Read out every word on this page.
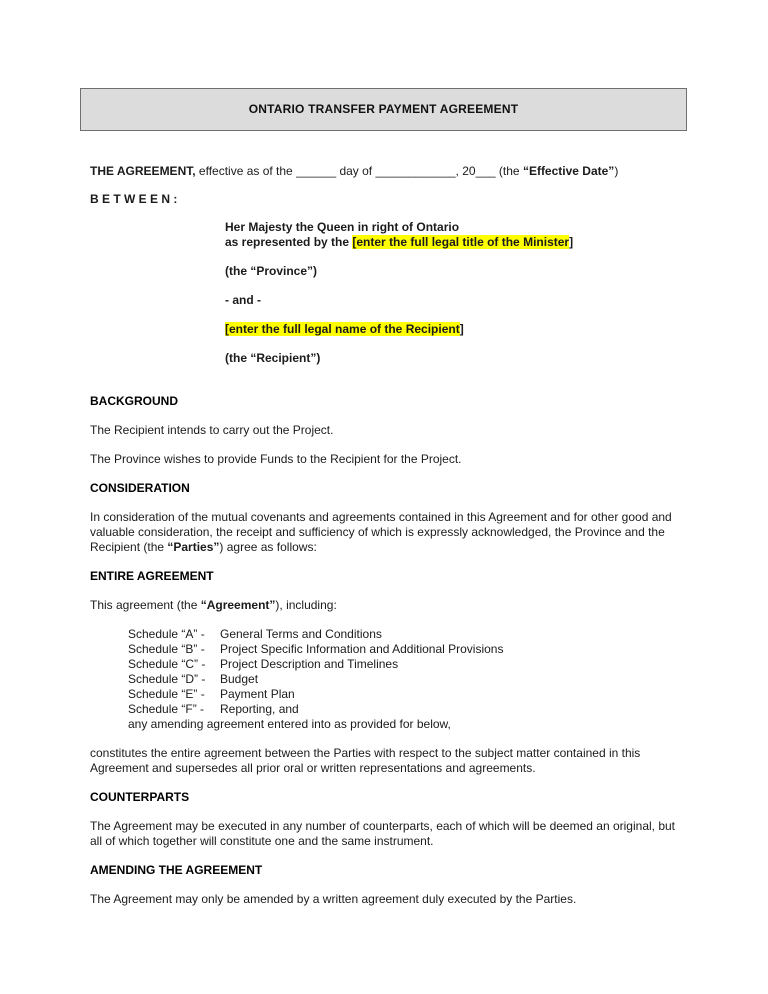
ONTARIO TRANSFER PAYMENT AGREEMENT

THE AGREEMENT, effective as of the ______ day of ____________, 20___ (the “Effective Date”)

B E T W E E N :

Her Majesty the Queen in right of Ontario

as represented by the [enter the full legal title of the Minister]

(the “Province”)

- and -

[enter the full legal name of the Recipient]

(the “Recipient”)

BACKGROUND

The Recipient intends to carry out the Project.

The Province wishes to provide Funds to the Recipient for the Project.

CONSIDERATION

In consideration of the mutual covenants and agreements contained in this Agreement and for other good and valuable consideration, the receipt and sufficiency of which is expressly acknowledged, the Province and the Recipient (the “Parties”) agree as follows:

ENTIRE AGREEMENT

This agreement (the “Agreement”), including:

Schedule “A” -	General Terms and Conditions
Schedule “B” -	Project Specific Information and Additional Provisions
Schedule “C” -	Project Description and Timelines
Schedule “D” -	Budget
Schedule “E” -	Payment Plan
Schedule “F” -	Reporting, and

any amending agreement entered into as provided for below,

constitutes the entire agreement between the Parties with respect to the subject matter contained in this Agreement and supersedes all prior oral or written representations and agreements.

COUNTERPARTS

The Agreement may be executed in any number of counterparts, each of which will be deemed an original, but all of which together will constitute one and the same instrument.

AMENDING THE AGREEMENT

The Agreement may only be amended by a written agreement duly executed by the Parties.
